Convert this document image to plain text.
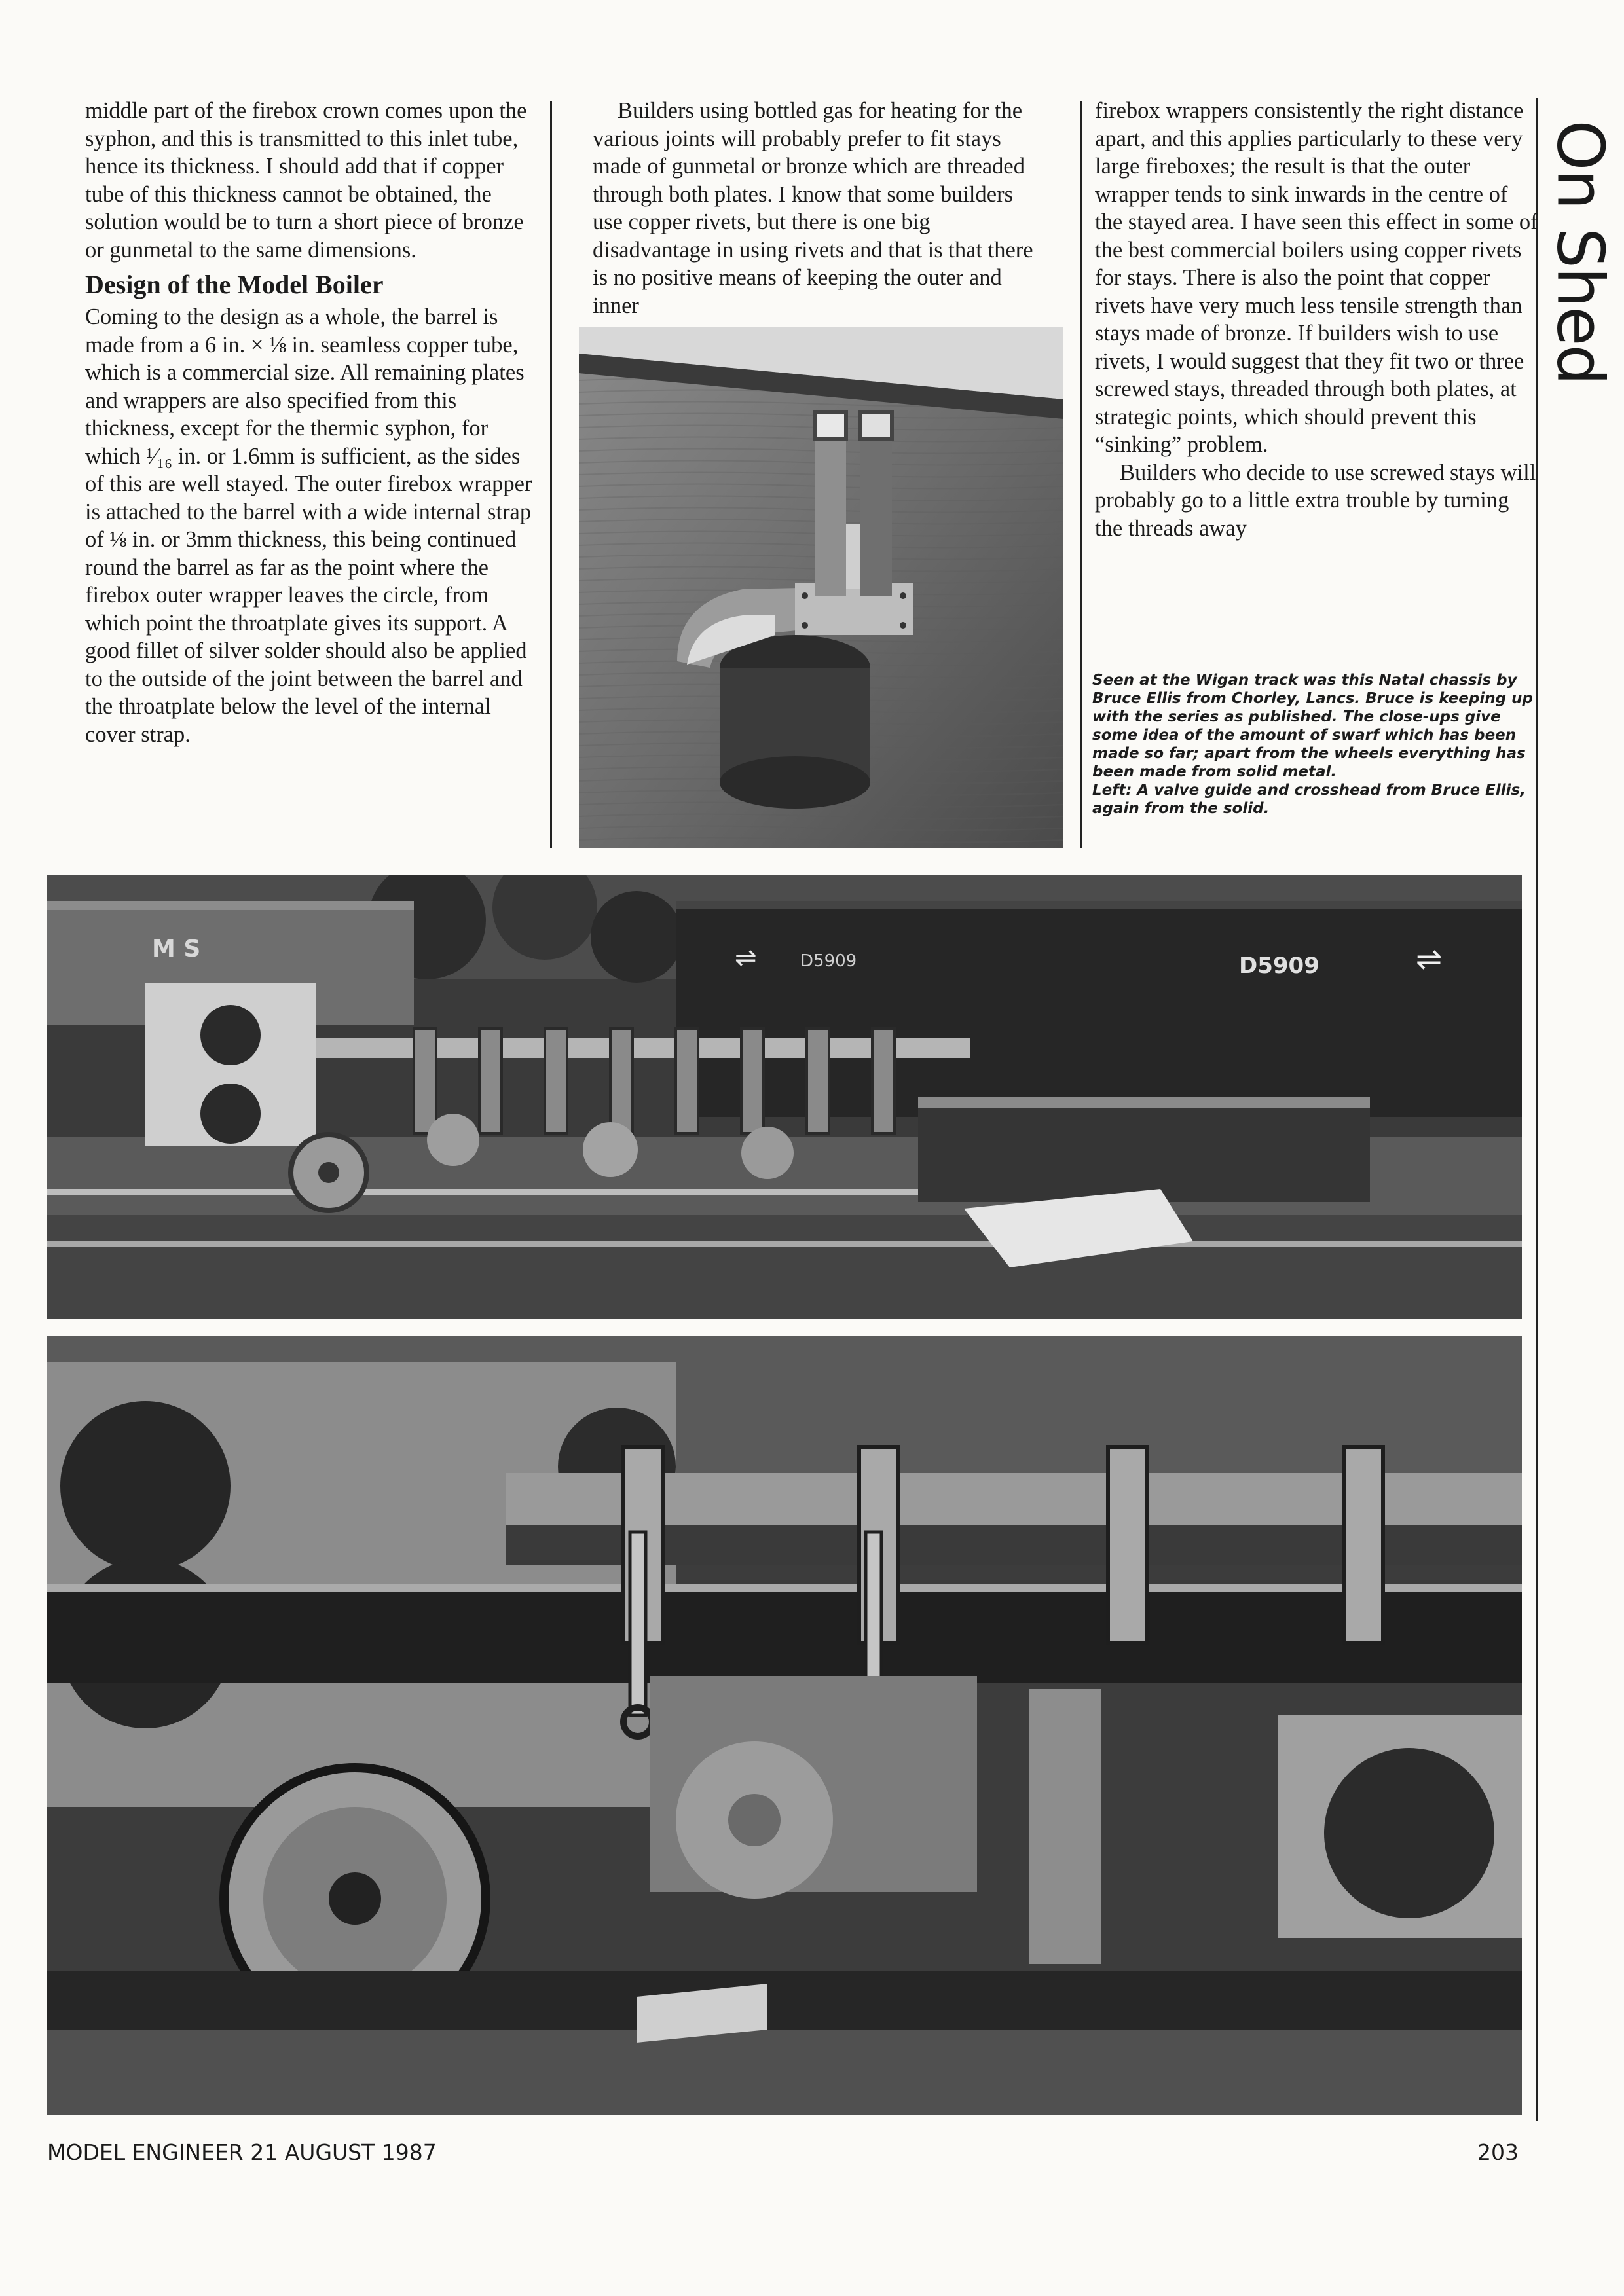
On Shed

middle part of the firebox crown comes upon the syphon, and this is transmitted to this inlet tube, hence its thickness. I should add that if copper tube of this thickness cannot be obtained, the solution would be to turn a short piece of bronze or gunmetal to the same dimensions.

Design of the Model Boiler

Coming to the design as a whole, the barrel is made from a 6 in. × ⅛ in. seamless copper tube, which is a commercial size. All remaining plates and wrappers are also specified from this thickness, except for the thermic syphon, for which ¹⁄₁₆ in. or 1.6mm is sufficient, as the sides of this are well stayed. The outer firebox wrapper is attached to the barrel with a wide internal strap of ⅛ in. or 3mm thickness, this being continued round the barrel as far as the point where the firebox outer wrapper leaves the circle, from which point the throatplate gives its support. A good fillet of silver solder should also be applied to the outside of the joint between the barrel and the throatplate below the level of the internal cover strap.

Builders using bottled gas for heating for the various joints will probably prefer to fit stays made of gunmetal or bronze which are threaded through both plates. I know that some builders use copper rivets, but there is one big disadvantage in using rivets and that is that there is no positive means of keeping the outer and inner

firebox wrappers consistently the right distance apart, and this applies particularly to these very large fireboxes; the result is that the outer wrapper tends to sink inwards in the centre of the stayed area. I have seen this effect in some of the best commercial boilers using copper rivets for stays. There is also the point that copper rivets have very much less tensile strength than stays made of bronze. If builders wish to use rivets, I would suggest that they fit two or three screwed stays, threaded through both plates, at strategic points, which should prevent this “sinking” problem.

Builders who decide to use screwed stays will probably go to a little extra trouble by turning the threads away

Seen at the Wigan track was this Natal chassis by Bruce Ellis from Chorley, Lancs. Bruce is keeping up with the series as published. The close-ups give some idea of the amount of swarf which has been made so far; apart from the wheels everything has been made from solid metal.

Left: A valve guide and crosshead from Bruce Ellis, again from the solid.

M S	⇌	D5909	D5909	⇌
MODEL ENGINEER 21 AUGUST 1987	203
